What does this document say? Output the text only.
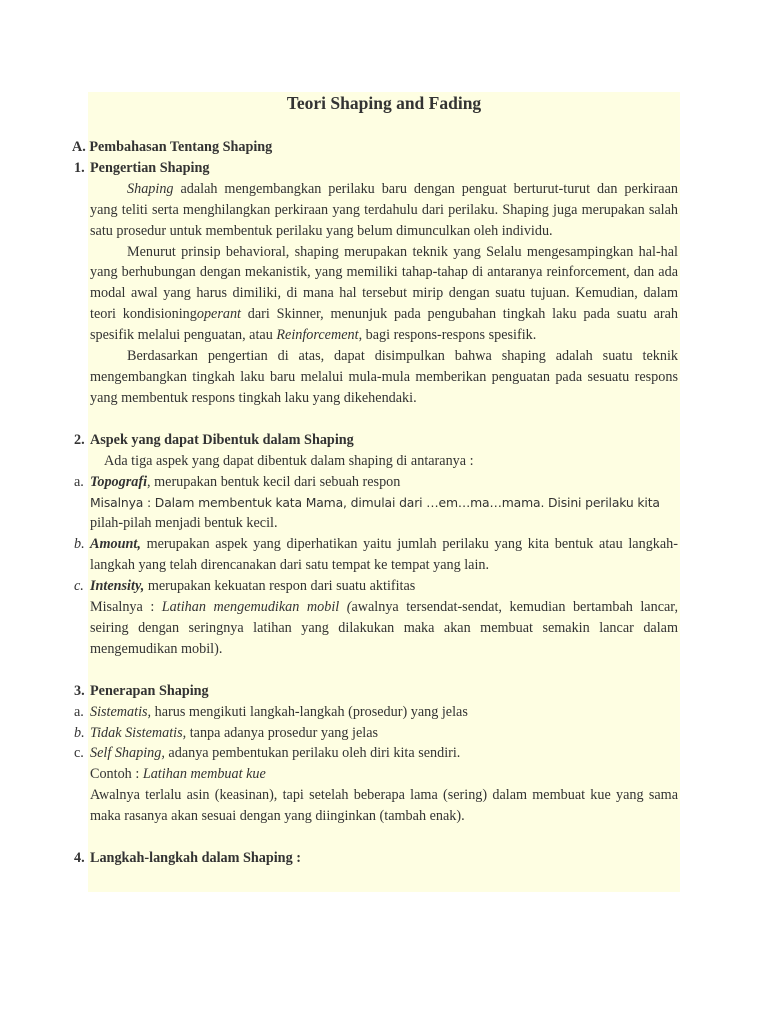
Teori Shaping and Fading

A. Pembahasan Tentang Shaping

1. Pengertian Shaping

Shaping adalah mengembangkan perilaku baru dengan penguat berturut-turut dan perkiraan yang teliti serta menghilangkan perkiraan yang terdahulu dari perilaku. Shaping juga merupakan salah satu prosedur untuk membentuk perilaku yang belum dimunculkan oleh individu.

Menurut prinsip behavioral, shaping merupakan teknik yang Selalu mengesampingkan hal-hal yang berhubungan dengan mekanistik, yang memiliki tahap-tahap di antaranya reinforcement, dan ada modal awal yang harus dimiliki, di mana hal tersebut mirip dengan suatu tujuan. Kemudian, dalam teori kondisioningoperant dari Skinner, menunjuk pada pengubahan tingkah laku pada suatu arah spesifik melalui penguatan, atau Reinforcement, bagi respons-respons spesifik.

Berdasarkan pengertian di atas, dapat disimpulkan bahwa shaping adalah suatu teknik mengembangkan tingkah laku baru melalui mula-mula memberikan penguatan pada sesuatu respons yang membentuk respons tingkah laku yang dikehendaki.

2. Aspek yang dapat Dibentuk dalam Shaping

Ada tiga aspek yang dapat dibentuk dalam shaping di antaranya :

a. Topografi, merupakan bentuk kecil dari sebuah respon

Misalnya : Dalam membentuk kata Mama, dimulai dari …em…ma…mama. Disini perilaku kita

pilah-pilah menjadi bentuk kecil.

b. Amount, merupakan aspek yang diperhatikan yaitu jumlah perilaku yang kita bentuk atau langkah-langkah yang telah direncanakan dari satu tempat ke tempat yang lain.

c. Intensity, merupakan kekuatan respon dari suatu aktifitas

Misalnya : Latihan mengemudikan mobil (awalnya tersendat-sendat, kemudian bertambah lancar, seiring dengan seringnya latihan yang dilakukan maka akan membuat semakin lancar dalam mengemudikan mobil).

3. Penerapan Shaping

a. Sistematis, harus mengikuti langkah-langkah (prosedur) yang jelas

b. Tidak Sistematis, tanpa adanya prosedur yang jelas

c. Self Shaping, adanya pembentukan perilaku oleh diri kita sendiri.

Contoh : Latihan membuat kue

Awalnya terlalu asin (keasinan), tapi setelah beberapa lama (sering) dalam membuat kue yang sama maka rasanya akan sesuai dengan yang diinginkan (tambah enak).

4. Langkah-langkah dalam Shaping :
